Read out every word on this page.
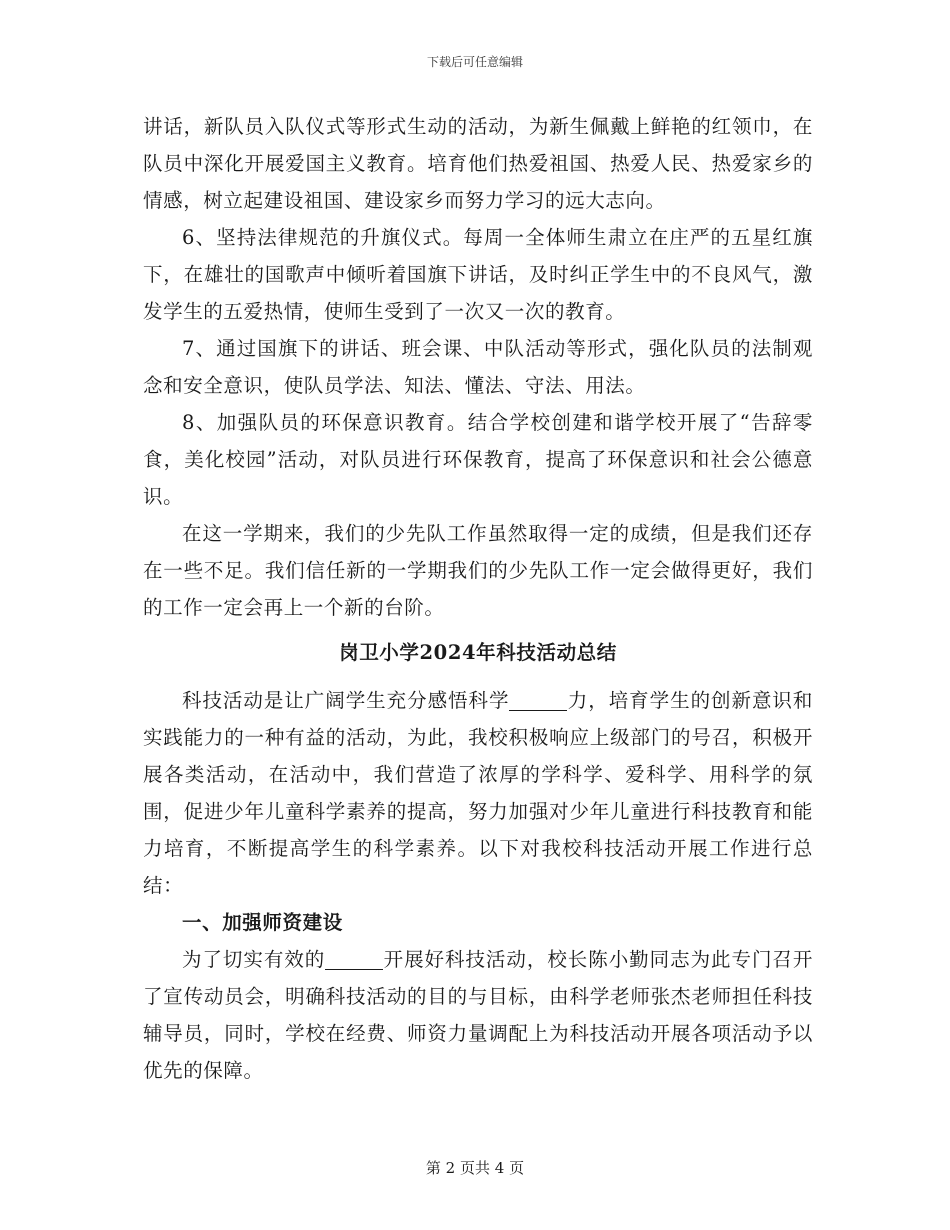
下载后可任意编辑

讲话，新队员入队仪式等形式生动的活动，为新生佩戴上鲜艳的红领巾，在队员中深化开展爱国主义教育。培育他们热爱祖国、热爱人民、热爱家乡的情感，树立起建设祖国、建设家乡而努力学习的远大志向。

6、坚持法律规范的升旗仪式。每周一全体师生肃立在庄严的五星红旗下，在雄壮的国歌声中倾听着国旗下讲话，及时纠正学生中的不良风气，激发学生的五爱热情，使师生受到了一次又一次的教育。

7、通过国旗下的讲话、班会课、中队活动等形式，强化队员的法制观念和安全意识，使队员学法、知法、懂法、守法、用法。

8、加强队员的环保意识教育。结合学校创建和谐学校开展了“告辞零食，美化校园”活动，对队员进行环保教育，提高了环保意识和社会公德意识。

在这一学期来，我们的少先队工作虽然取得一定的成绩，但是我们还存在一些不足。我们信任新的一学期我们的少先队工作一定会做得更好，我们的工作一定会再上一个新的台阶。

岗卫小学2024年科技活动总结

科技活动是让广阔学生充分感悟科学	力，培育学生的创新意识和实践能力的一种有益的活动，为此，我校积极响应上级部门的号召，积极开展各类活动，在活动中，我们营造了浓厚的学科学、爱科学、用科学的氛围，促进少年儿童科学素养的提高，努力加强对少年儿童进行科技教育和能力培育，不断提高学生的科学素养。以下对我校科技活动开展工作进行总结：

一、加强师资建设

为了切实有效的	开展好科技活动，校长陈小勤同志为此专门召开了宣传动员会，明确科技活动的目的与目标，由科学老师张杰老师担任科技辅导员，同时，学校在经费、师资力量调配上为科技活动开展各项活动予以优先的保障。

第 2 页共 4 页
